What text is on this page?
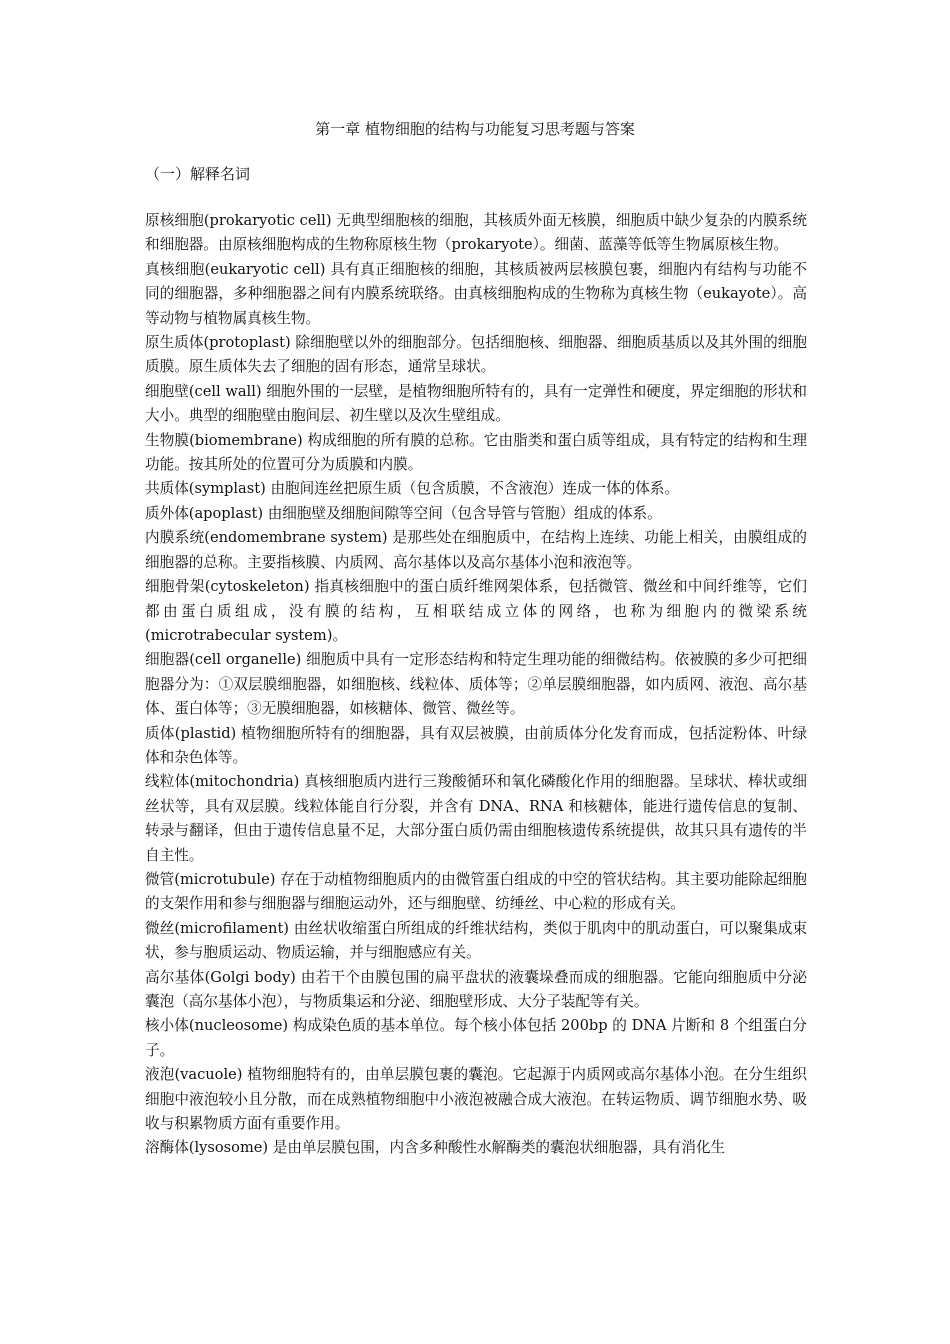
第一章 植物细胞的结构与功能复习思考题与答案
（一）解释名词

原核细胞(prokaryotic cell) 无典型细胞核的细胞，其核质外面无核膜，细胞质中缺少复杂的内膜系统和细胞器。由原核细胞构成的生物称原核生物（prokaryote）。细菌、蓝藻等低等生物属原核生物。

真核细胞(eukaryotic cell) 具有真正细胞核的细胞，其核质被两层核膜包裹，细胞内有结构与功能不同的细胞器，多种细胞器之间有内膜系统联络。由真核细胞构成的生物称为真核生物（eukayote）。高等动物与植物属真核生物。

原生质体(protoplast) 除细胞壁以外的细胞部分。包括细胞核、细胞器、细胞质基质以及其外围的细胞质膜。原生质体失去了细胞的固有形态，通常呈球状。

细胞壁(cell wall) 细胞外围的一层壁，是植物细胞所特有的，具有一定弹性和硬度，界定细胞的形状和大小。典型的细胞壁由胞间层、初生壁以及次生壁组成。

生物膜(biomembrane) 构成细胞的所有膜的总称。它由脂类和蛋白质等组成，具有特定的结构和生理功能。按其所处的位置可分为质膜和内膜。

共质体(symplast) 由胞间连丝把原生质（包含质膜，不含液泡）连成一体的体系。

质外体(apoplast) 由细胞壁及细胞间隙等空间（包含导管与管胞）组成的体系。

内膜系统(endomembrane system) 是那些处在细胞质中，在结构上连续、功能上相关，由膜组成的细胞器的总称。主要指核膜、内质网、高尔基体以及高尔基体小泡和液泡等。

细胞骨架(cytoskeleton) 指真核细胞中的蛋白质纤维网架体系，包括微管、微丝和中间纤维等，它们都由蛋白质组成，没有膜的结构，互相联结成立体的网络，也称为细胞内的微梁系统(microtrabecular system)。

细胞器(cell organelle) 细胞质中具有一定形态结构和特定生理功能的细微结构。依被膜的多少可把细胞器分为：①双层膜细胞器，如细胞核、线粒体、质体等；②单层膜细胞器，如内质网、液泡、高尔基体、蛋白体等；③无膜细胞器，如核糖体、微管、微丝等。

质体(plastid) 植物细胞所特有的细胞器，具有双层被膜，由前质体分化发育而成，包括淀粉体、叶绿体和杂色体等。

线粒体(mitochondria) 真核细胞质内进行三羧酸循环和氧化磷酸化作用的细胞器。呈球状、棒状或细丝状等，具有双层膜。线粒体能自行分裂，并含有 DNA、RNA 和核糖体，能进行遗传信息的复制、转录与翻译，但由于遗传信息量不足，大部分蛋白质仍需由细胞核遗传系统提供，故其只具有遗传的半自主性。

微管(microtubule) 存在于动植物细胞质内的由微管蛋白组成的中空的管状结构。其主要功能除起细胞的支架作用和参与细胞器与细胞运动外，还与细胞壁、纺缍丝、中心粒的形成有关。

微丝(microfilament) 由丝状收缩蛋白所组成的纤维状结构，类似于肌肉中的肌动蛋白，可以聚集成束状，参与胞质运动、物质运输，并与细胞感应有关。

高尔基体(Golgi body) 由若干个由膜包围的扁平盘状的液囊垛叠而成的细胞器。它能向细胞质中分泌囊泡（高尔基体小泡），与物质集运和分泌、细胞壁形成、大分子装配等有关。

核小体(nucleosome) 构成染色质的基本单位。每个核小体包括 200bp 的 DNA 片断和 8 个组蛋白分子。

液泡(vacuole) 植物细胞特有的，由单层膜包裹的囊泡。它起源于内质网或高尔基体小泡。在分生组织细胞中液泡较小且分散，而在成熟植物细胞中小液泡被融合成大液泡。在转运物质、调节细胞水势、吸收与积累物质方面有重要作用。

溶酶体(lysosome) 是由单层膜包围，内含多种酸性水解酶类的囊泡状细胞器，具有消化生
